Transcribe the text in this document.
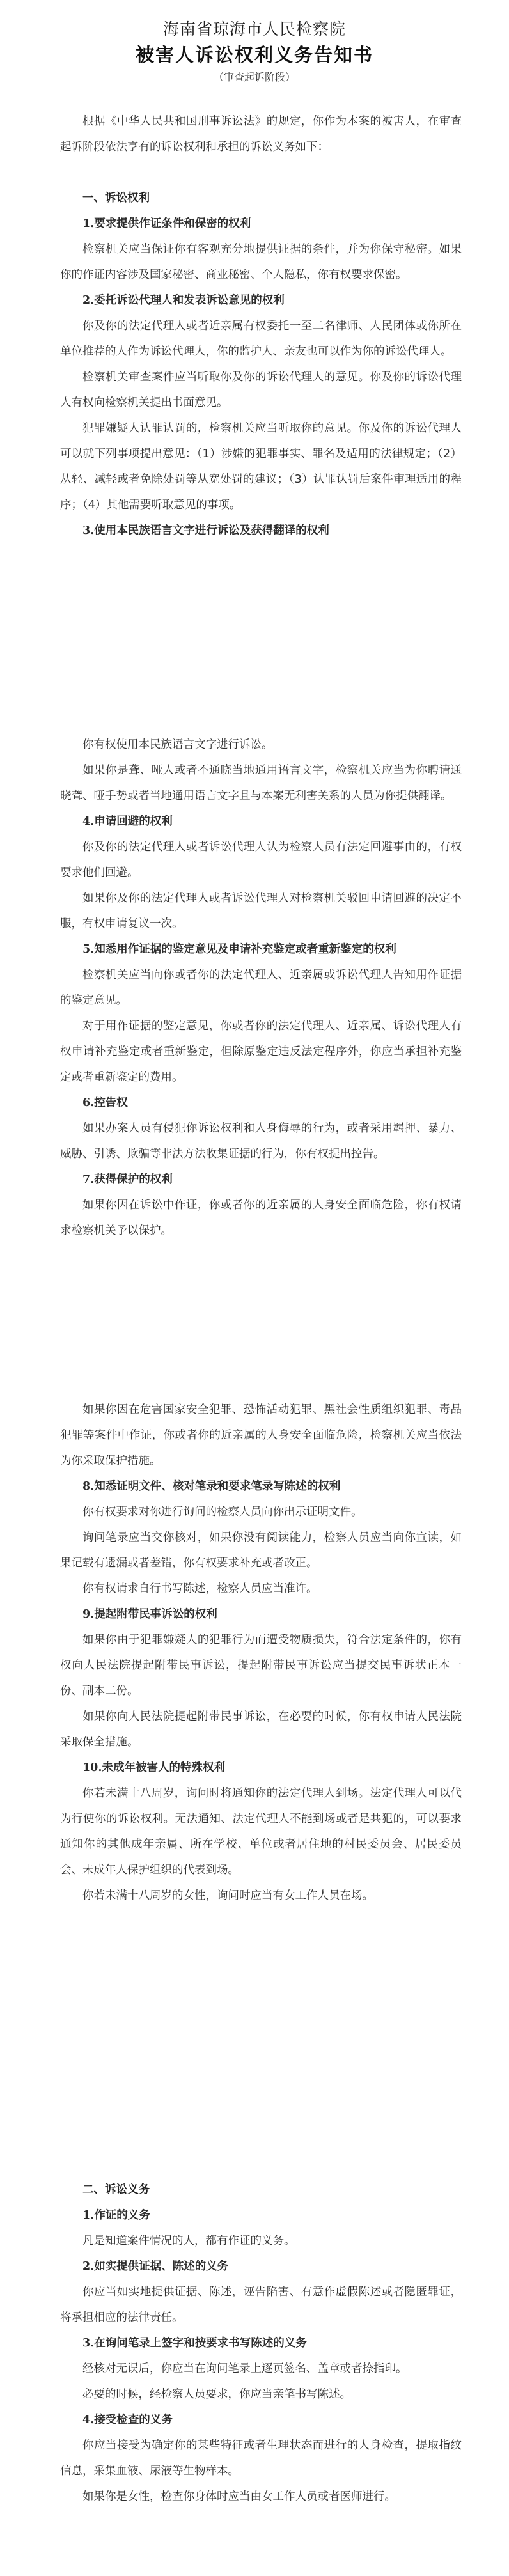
海南省琼海市人民检察院
被害人诉讼权利义务告知书
（审查起诉阶段）
根据《中华人民共和国刑事诉讼法》的规定，你作为本案的被害人，在审查起诉阶段依法享有的诉讼权利和承担的诉讼义务如下：
一、诉讼权利
1.要求提供作证条件和保密的权利
检察机关应当保证你有客观充分地提供证据的条件，并为你保守秘密。如果你的作证内容涉及国家秘密、商业秘密、个人隐私，你有权要求保密。
2.委托诉讼代理人和发表诉讼意见的权利
你及你的法定代理人或者近亲属有权委托一至二名律师、人民团体或你所在单位推荐的人作为诉讼代理人，你的监护人、亲友也可以作为你的诉讼代理人。
检察机关审查案件应当听取你及你的诉讼代理人的意见。你及你的诉讼代理人有权向检察机关提出书面意见。
犯罪嫌疑人认罪认罚的，检察机关应当听取你的意见。你及你的诉讼代理人可以就下列事项提出意见：（1）涉嫌的犯罪事实、罪名及适用的法律规定；（2）从轻、减轻或者免除处罚等从宽处罚的建议；（3）认罪认罚后案件审理适用的程序；（4）其他需要听取意见的事项。
3.使用本民族语言文字进行诉讼及获得翻译的权利
你有权使用本民族语言文字进行诉讼。
如果你是聋、哑人或者不通晓当地通用语言文字，检察机关应当为你聘请通晓聋、哑手势或者当地通用语言文字且与本案无利害关系的人员为你提供翻译。
4.申请回避的权利
你及你的法定代理人或者诉讼代理人认为检察人员有法定回避事由的，有权要求他们回避。
如果你及你的法定代理人或者诉讼代理人对检察机关驳回申请回避的决定不服，有权申请复议一次。
5.知悉用作证据的鉴定意见及申请补充鉴定或者重新鉴定的权利
检察机关应当向你或者你的法定代理人、近亲属或诉讼代理人告知用作证据的鉴定意见。
对于用作证据的鉴定意见，你或者你的法定代理人、近亲属、诉讼代理人有权申请补充鉴定或者重新鉴定，但除原鉴定违反法定程序外，你应当承担补充鉴定或者重新鉴定的费用。
6.控告权
如果办案人员有侵犯你诉讼权利和人身侮辱的行为，或者采用羁押、暴力、威胁、引诱、欺骗等非法方法收集证据的行为，你有权提出控告。
7.获得保护的权利
如果你因在诉讼中作证，你或者你的近亲属的人身安全面临危险，你有权请求检察机关予以保护。
如果你因在危害国家安全犯罪、恐怖活动犯罪、黑社会性质组织犯罪、毒品犯罪等案件中作证，你或者你的近亲属的人身安全面临危险，检察机关应当依法为你采取保护措施。
8.知悉证明文件、核对笔录和要求笔录写陈述的权利
你有权要求对你进行询问的检察人员向你出示证明文件。
询问笔录应当交你核对，如果你没有阅读能力，检察人员应当向你宣读，如果记载有遗漏或者差错，你有权要求补充或者改正。
你有权请求自行书写陈述，检察人员应当准许。
9.提起附带民事诉讼的权利
如果你由于犯罪嫌疑人的犯罪行为而遭受物质损失，符合法定条件的，你有权向人民法院提起附带民事诉讼，提起附带民事诉讼应当提交民事诉状正本一份、副本二份。
如果你向人民法院提起附带民事诉讼，在必要的时候，你有权申请人民法院采取保全措施。
10.未成年被害人的特殊权利
你若未满十八周岁，询问时将通知你的法定代理人到场。法定代理人可以代为行使你的诉讼权利。无法通知、法定代理人不能到场或者是共犯的，可以要求通知你的其他成年亲属、所在学校、单位或者居住地的村民委员会、居民委员会、未成年人保护组织的代表到场。
你若未满十八周岁的女性，询问时应当有女工作人员在场。
二、诉讼义务
1.作证的义务
凡是知道案件情况的人，都有作证的义务。
2.如实提供证据、陈述的义务
你应当如实地提供证据、陈述，诬告陷害、有意作虚假陈述或者隐匿罪证，将承担相应的法律责任。
3.在询问笔录上签字和按要求书写陈述的义务
经核对无误后，你应当在询问笔录上逐页签名、盖章或者捺指印。
必要的时候，经检察人员要求，你应当亲笔书写陈述。
4.接受检查的义务
你应当接受为确定你的某些特征或者生理状态而进行的人身检查，提取指纹信息，采集血液、尿液等生物样本。
如果你是女性，检查你身体时应当由女工作人员或者医师进行。
